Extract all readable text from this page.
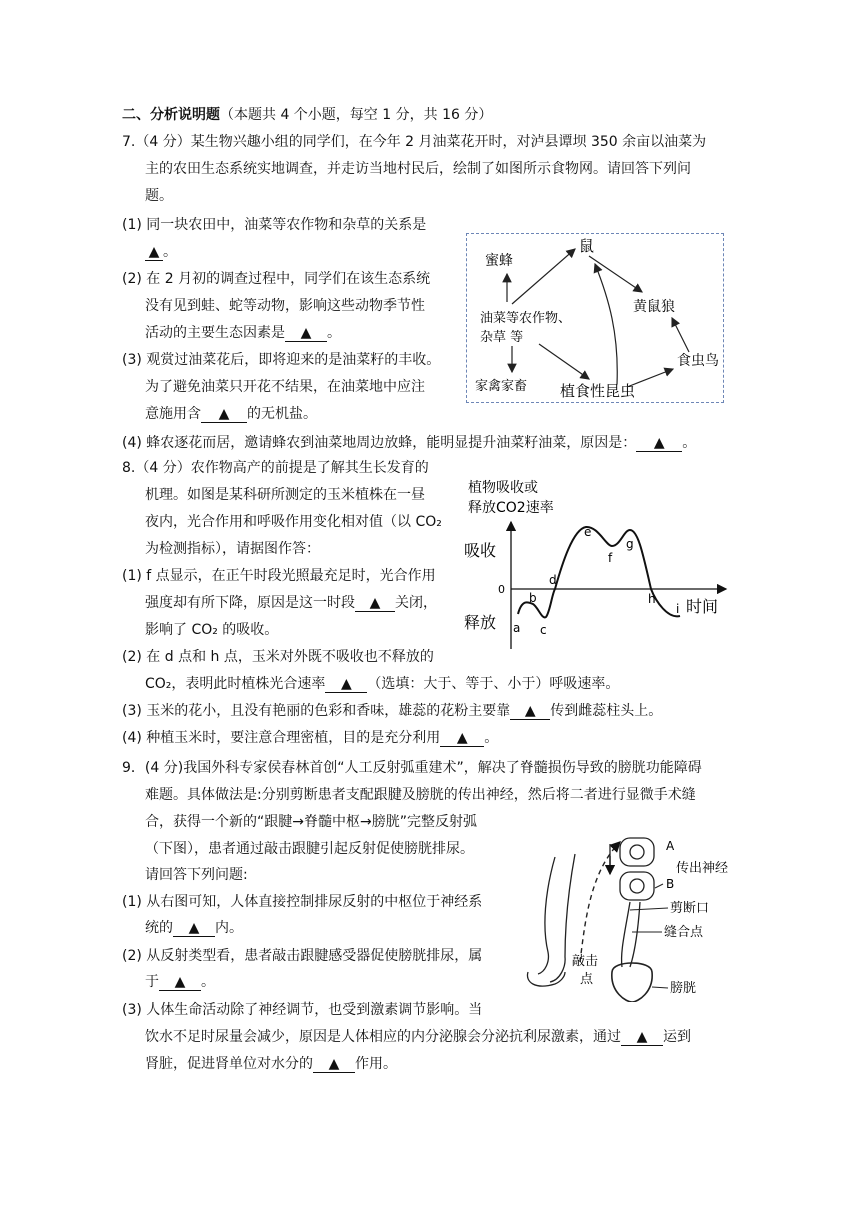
二、分析说明题（本题共 4 个小题，每空 1 分，共 16 分）
7.（4 分）某生物兴趣小组的同学们，在今年 2 月油菜花开时，对泸县谭坝 350 余亩以油菜为
主的农田生态系统实地调查，并走访当地村民后，绘制了如图所示食物网。请回答下列问
题。
(1) 同一块农田中，油菜等农作物和杂草的关系是
▲ 。
(2) 在 2 月初的调查过程中，同学们在该生态系统
没有见到蛙、蛇等动物，影响这些动物季节性
活动的主要生态因素是 ▲ 。
(3) 观赏过油菜花后，即将迎来的是油菜籽的丰收。
为了避免油菜只开花不结果，在油菜地中应注
意施用含 ▲ 的无机盐。
(4) 蜂农逐花而居，邀请蜂农到油菜地周边放蜂，能明显提升油菜籽油菜，原因是： ▲ 。
蜜蜂
鼠
黄鼠狼
油菜等农作物、
杂草 等
食虫鸟
家禽家畜 植食性昆虫
8.（4 分）农作物高产的前提是了解其生长发育的
机理。如图是某科研所测定的玉米植株在一昼
夜内，光合作用和呼吸作用变化相对值（以 CO₂
为检测指标），请据图作答：
(1) f 点显示，在正午时段光照最充足时，光合作用
强度却有所下降，原因是这一时段 ▲ 关闭，
影响了 CO₂ 的吸收。
(2) 在 d 点和 h 点，玉米对外既不吸收也不释放的
CO₂，表明此时植株光合速率 ▲ （选填：大于、等于、小于）呼吸速率。
(3) 玉米的花小，且没有艳丽的色彩和香味，雄蕊的花粉主要靠 ▲ 传到雌蕊柱头上。
(4) 种植玉米时，要注意合理密植，目的是充分利用 ▲ 。
植物吸收或
释放CO2速率
吸收
释放
0
时间
a
b
c
d
e
f
g
h
i
9．(4 分)我国外科专家侯春林首创“人工反射弧重建术”，解决了脊髓损伤导致的膀胱功能障碍
难题。具体做法是:分别剪断患者支配跟腱及膀胱的传出神经，然后将二者进行显微手术缝
合，获得一个新的“跟腱→脊髓中枢→膀胱”完整反射弧
（下图），患者通过敲击跟腱引起反射促使膀胱排尿。
请回答下列问题:
(1) 从右图可知，人体直接控制排尿反射的中枢位于神经系
统的 ▲ 内。
(2) 从反射类型看，患者敲击跟腱感受器促使膀胱排尿，属
于 ▲ 。
(3) 人体生命活动除了神经调节，也受到激素调节影响。当
饮水不足时尿量会减少，原因是人体相应的内分泌腺会分泌抗利尿激素，通过 ▲ 运到
肾脏，促进肾单位对水分的 ▲ 作用。
A
B
传出神经
剪断口
缝合点
敲击
点
膀胱
